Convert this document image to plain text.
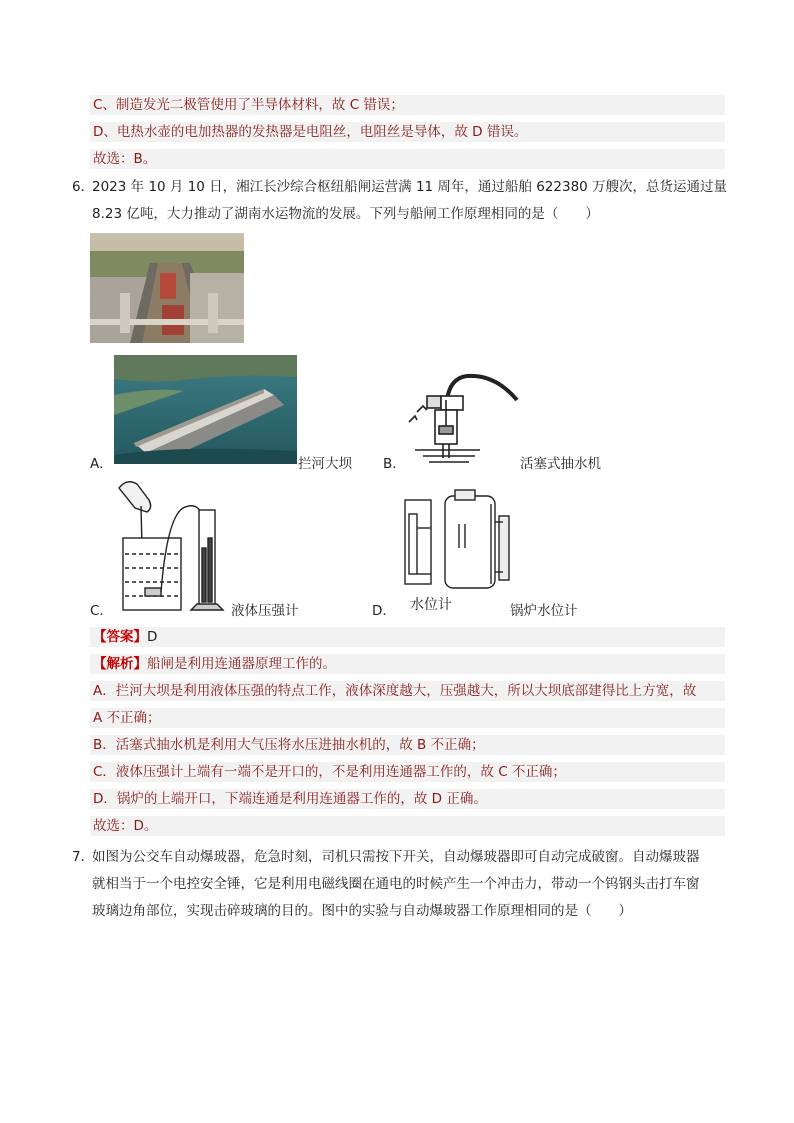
C、制造发光二极管使用了半导体材料，故 C 错误；
D、电热水壶的电加热器的发热器是电阻丝，电阻丝是导体，故 D 错误。
故选：B。
6．
2023 年 10 月 10 日，湘江长沙综合枢纽船闸运营满 11 周年，通过船舶 622380 万艘次，总货运通过量
8.23 亿吨，大力推动了湖南水运物流的发展。下列与船闸工作原理相同的是（　　）
A．	拦河大坝 B．	活塞式抽水机
C．	液体压强计	D． 水位计	锅炉水位计
【答案】D
【解析】船闸是利用连通器原理工作的。
A．拦河大坝是利用液体压强的特点工作，液体深度越大，压强越大，所以大坝底部建得比上方宽，故
A 不正确；
B．活塞式抽水机是利用大气压将水压进抽水机的，故 B 不正确；
C．液体压强计上端有一端不是开口的，不是利用连通器工作的，故 C 不正确；
D．锅炉的上端开口，下端连通是利用连通器工作的，故 D 正确。
故选：D。
7．
如图为公交车自动爆玻器，危急时刻，司机只需按下开关，自动爆玻器即可自动完成破窗。自动爆玻器
就相当于一个电控安全锤，它是利用电磁线圈在通电的时候产生一个冲击力，带动一个钨钢头击打车窗
玻璃边角部位，实现击碎玻璃的目的。图中的实验与自动爆玻器工作原理相同的是（　　）
